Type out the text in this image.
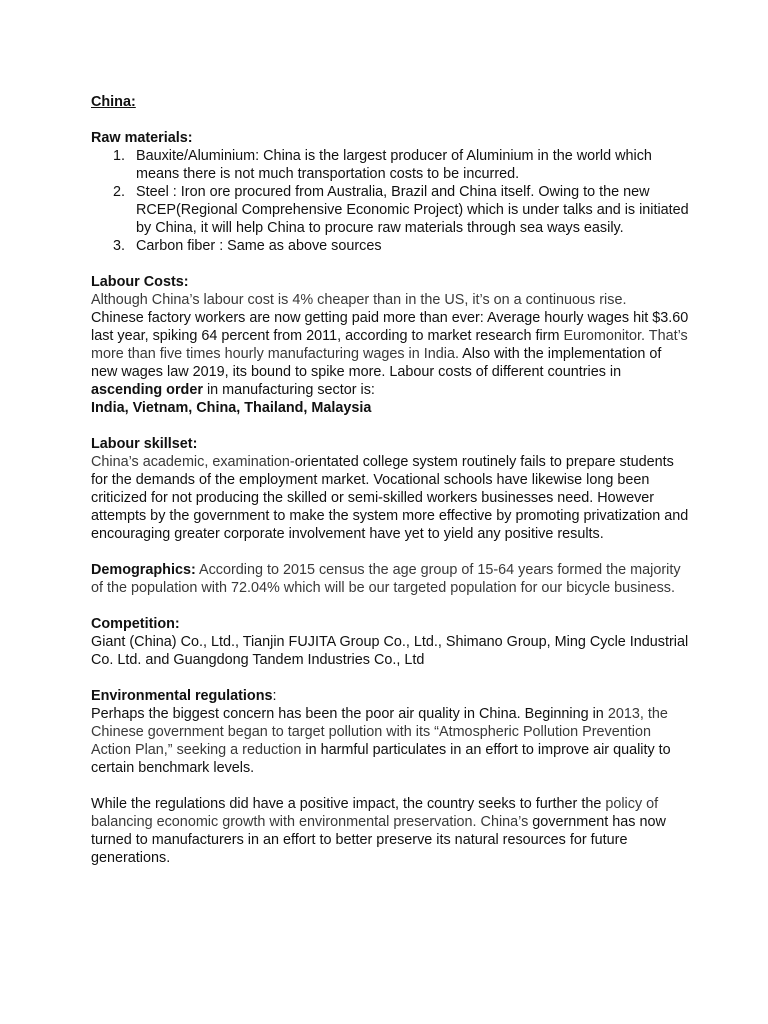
China:

Raw materials:

1. Bauxite/Aluminium: China is the largest producer of Aluminium in the world which means there is not much transportation costs to be incurred.
2. Steel : Iron ore procured from Australia, Brazil and China itself. Owing to the new RCEP(Regional Comprehensive Economic Project) which is under talks and is initiated by China, it will help China to procure raw materials through sea ways easily.
3. Carbon fiber : Same as above sources

Labour Costs:

Although China’s labour cost is 4% cheaper than in the US, it’s on a continuous rise.

Chinese factory workers are now getting paid more than ever: Average hourly wages hit $3.60 last year, spiking 64 percent from 2011, according to market research firm Euromonitor. That’s more than five times hourly manufacturing wages in India. Also with the implementation of new wages law 2019, its bound to spike more. Labour costs of different countries in ascending order in manufacturing sector is:

India, Vietnam, China, Thailand, Malaysia

Labour skillset:

China’s academic, examination-orientated college system routinely fails to prepare students for the demands of the employment market. Vocational schools have likewise long been criticized for not producing the skilled or semi-skilled workers businesses need. However attempts by the government to make the system more effective by promoting privatization and encouraging greater corporate involvement have yet to yield any positive results.

Demographics: According to 2015 census the age group of 15-64 years formed the majority of the population with 72.04% which will be our targeted population for our bicycle business.

Competition:

Giant (China) Co., Ltd., Tianjin FUJITA Group Co., Ltd., Shimano Group, Ming Cycle Industrial Co. Ltd. and Guangdong Tandem Industries Co., Ltd

Environmental regulations:

Perhaps the biggest concern has been the poor air quality in China. Beginning in 2013, the Chinese government began to target pollution with its “Atmospheric Pollution Prevention Action Plan,” seeking a reduction in harmful particulates in an effort to improve air quality to certain benchmark levels.

While the regulations did have a positive impact, the country seeks to further the policy of balancing economic growth with environmental preservation. China’s government has now turned to manufacturers in an effort to better preserve its natural resources for future generations.
